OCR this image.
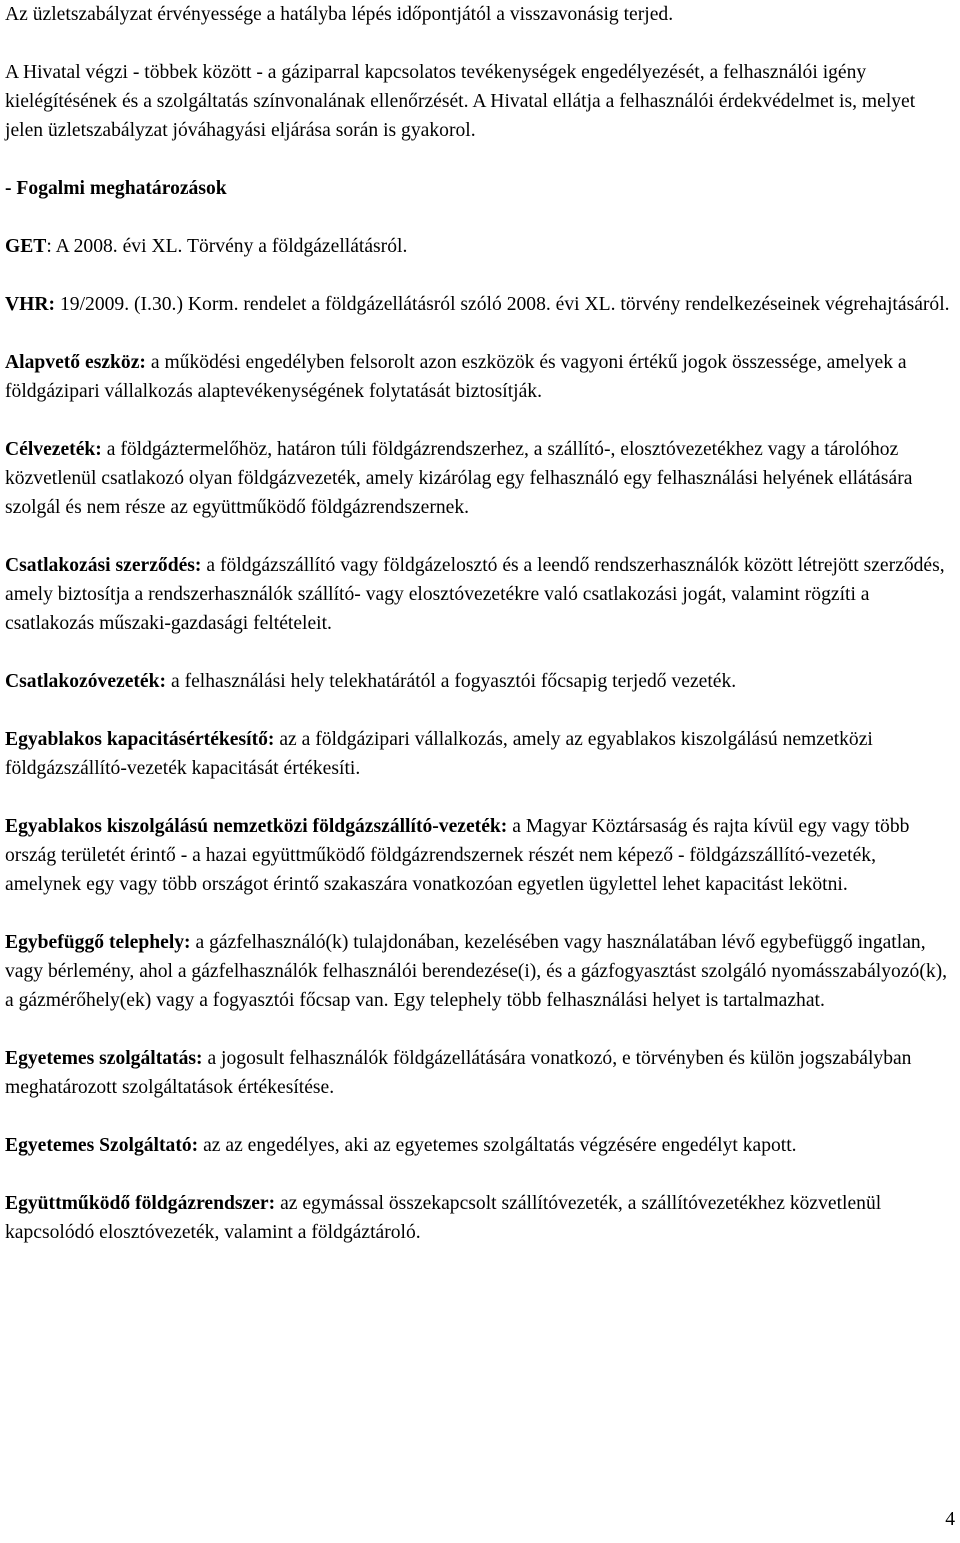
Az üzletszabályzat érvényessége a hatályba lépés időpontjától a visszavonásig terjed.

A Hivatal végzi - többek között - a gáziparral kapcsolatos tevékenységek engedélyezését, a felhasználói igény kielégítésének és a szolgáltatás színvonalának ellenőrzését. A Hivatal ellátja a felhasználói érdekvédelmet is, melyet jelen üzletszabályzat jóváhagyási eljárása során is gyakorol.

- Fogalmi meghatározások

GET: A 2008. évi XL. Törvény a földgázellátásról.

VHR: 19/2009. (I.30.) Korm. rendelet a földgázellátásról szóló 2008. évi XL. törvény rendelkezéseinek végrehajtásáról.

Alapvető eszköz: a működési engedélyben felsorolt azon eszközök és vagyoni értékű jogok összessége, amelyek a földgázipari vállalkozás alaptevékenységének folytatását biztosítják.

Célvezeték: a földgáztermelőhöz, határon túli földgázrendszerhez, a szállító-, elosztóvezetékhez vagy a tárolóhoz közvetlenül csatlakozó olyan földgázvezeték, amely kizárólag egy felhasználó egy felhasználási helyének ellátására szolgál és nem része az együttműködő földgázrendszernek.

Csatlakozási szerződés: a földgázszállító vagy földgázelosztó és a leendő rendszerhasználók között létrejött szerződés, amely biztosítja a rendszerhasználók szállító- vagy elosztóvezetékre való csatlakozási jogát, valamint rögzíti a csatlakozás műszaki-gazdasági feltételeit.

Csatlakozóvezeték: a felhasználási hely telekhatárától a fogyasztói főcsapig terjedő vezeték.

Egyablakos kapacitásértékesítő: az a földgázipari vállalkozás, amely az egyablakos kiszolgálású nemzetközi földgázszállító-vezeték kapacitását értékesíti.

Egyablakos kiszolgálású nemzetközi földgázszállító-vezeték: a Magyar Köztársaság és rajta kívül egy vagy több ország területét érintő - a hazai együttműködő földgázrendszernek részét nem képező - földgázszállító-vezeték, amelynek egy vagy több országot érintő szakaszára vonatkozóan egyetlen ügylettel lehet kapacitást lekötni.

Egybefüggő telephely: a gázfelhasználó(k) tulajdonában, kezelésében vagy használatában lévő egybefüggő ingatlan, vagy bérlemény, ahol a gázfelhasználók felhasználói berendezése(i), és a gázfogyasztást szolgáló nyomásszabályozó(k), a gázmérőhely(ek) vagy a fogyasztói főcsap van. Egy telephely több felhasználási helyet is tartalmazhat.

Egyetemes szolgáltatás: a jogosult felhasználók földgázellátására vonatkozó, e törvényben és külön jogszabályban meghatározott szolgáltatások értékesítése.

Egyetemes Szolgáltató: az az engedélyes, aki az egyetemes szolgáltatás végzésére engedélyt kapott.

Együttműködő földgázrendszer: az egymással összekapcsolt szállítóvezeték, a szállítóvezetékhez közvetlenül kapcsolódó elosztóvezeték, valamint a földgáztároló.

4
